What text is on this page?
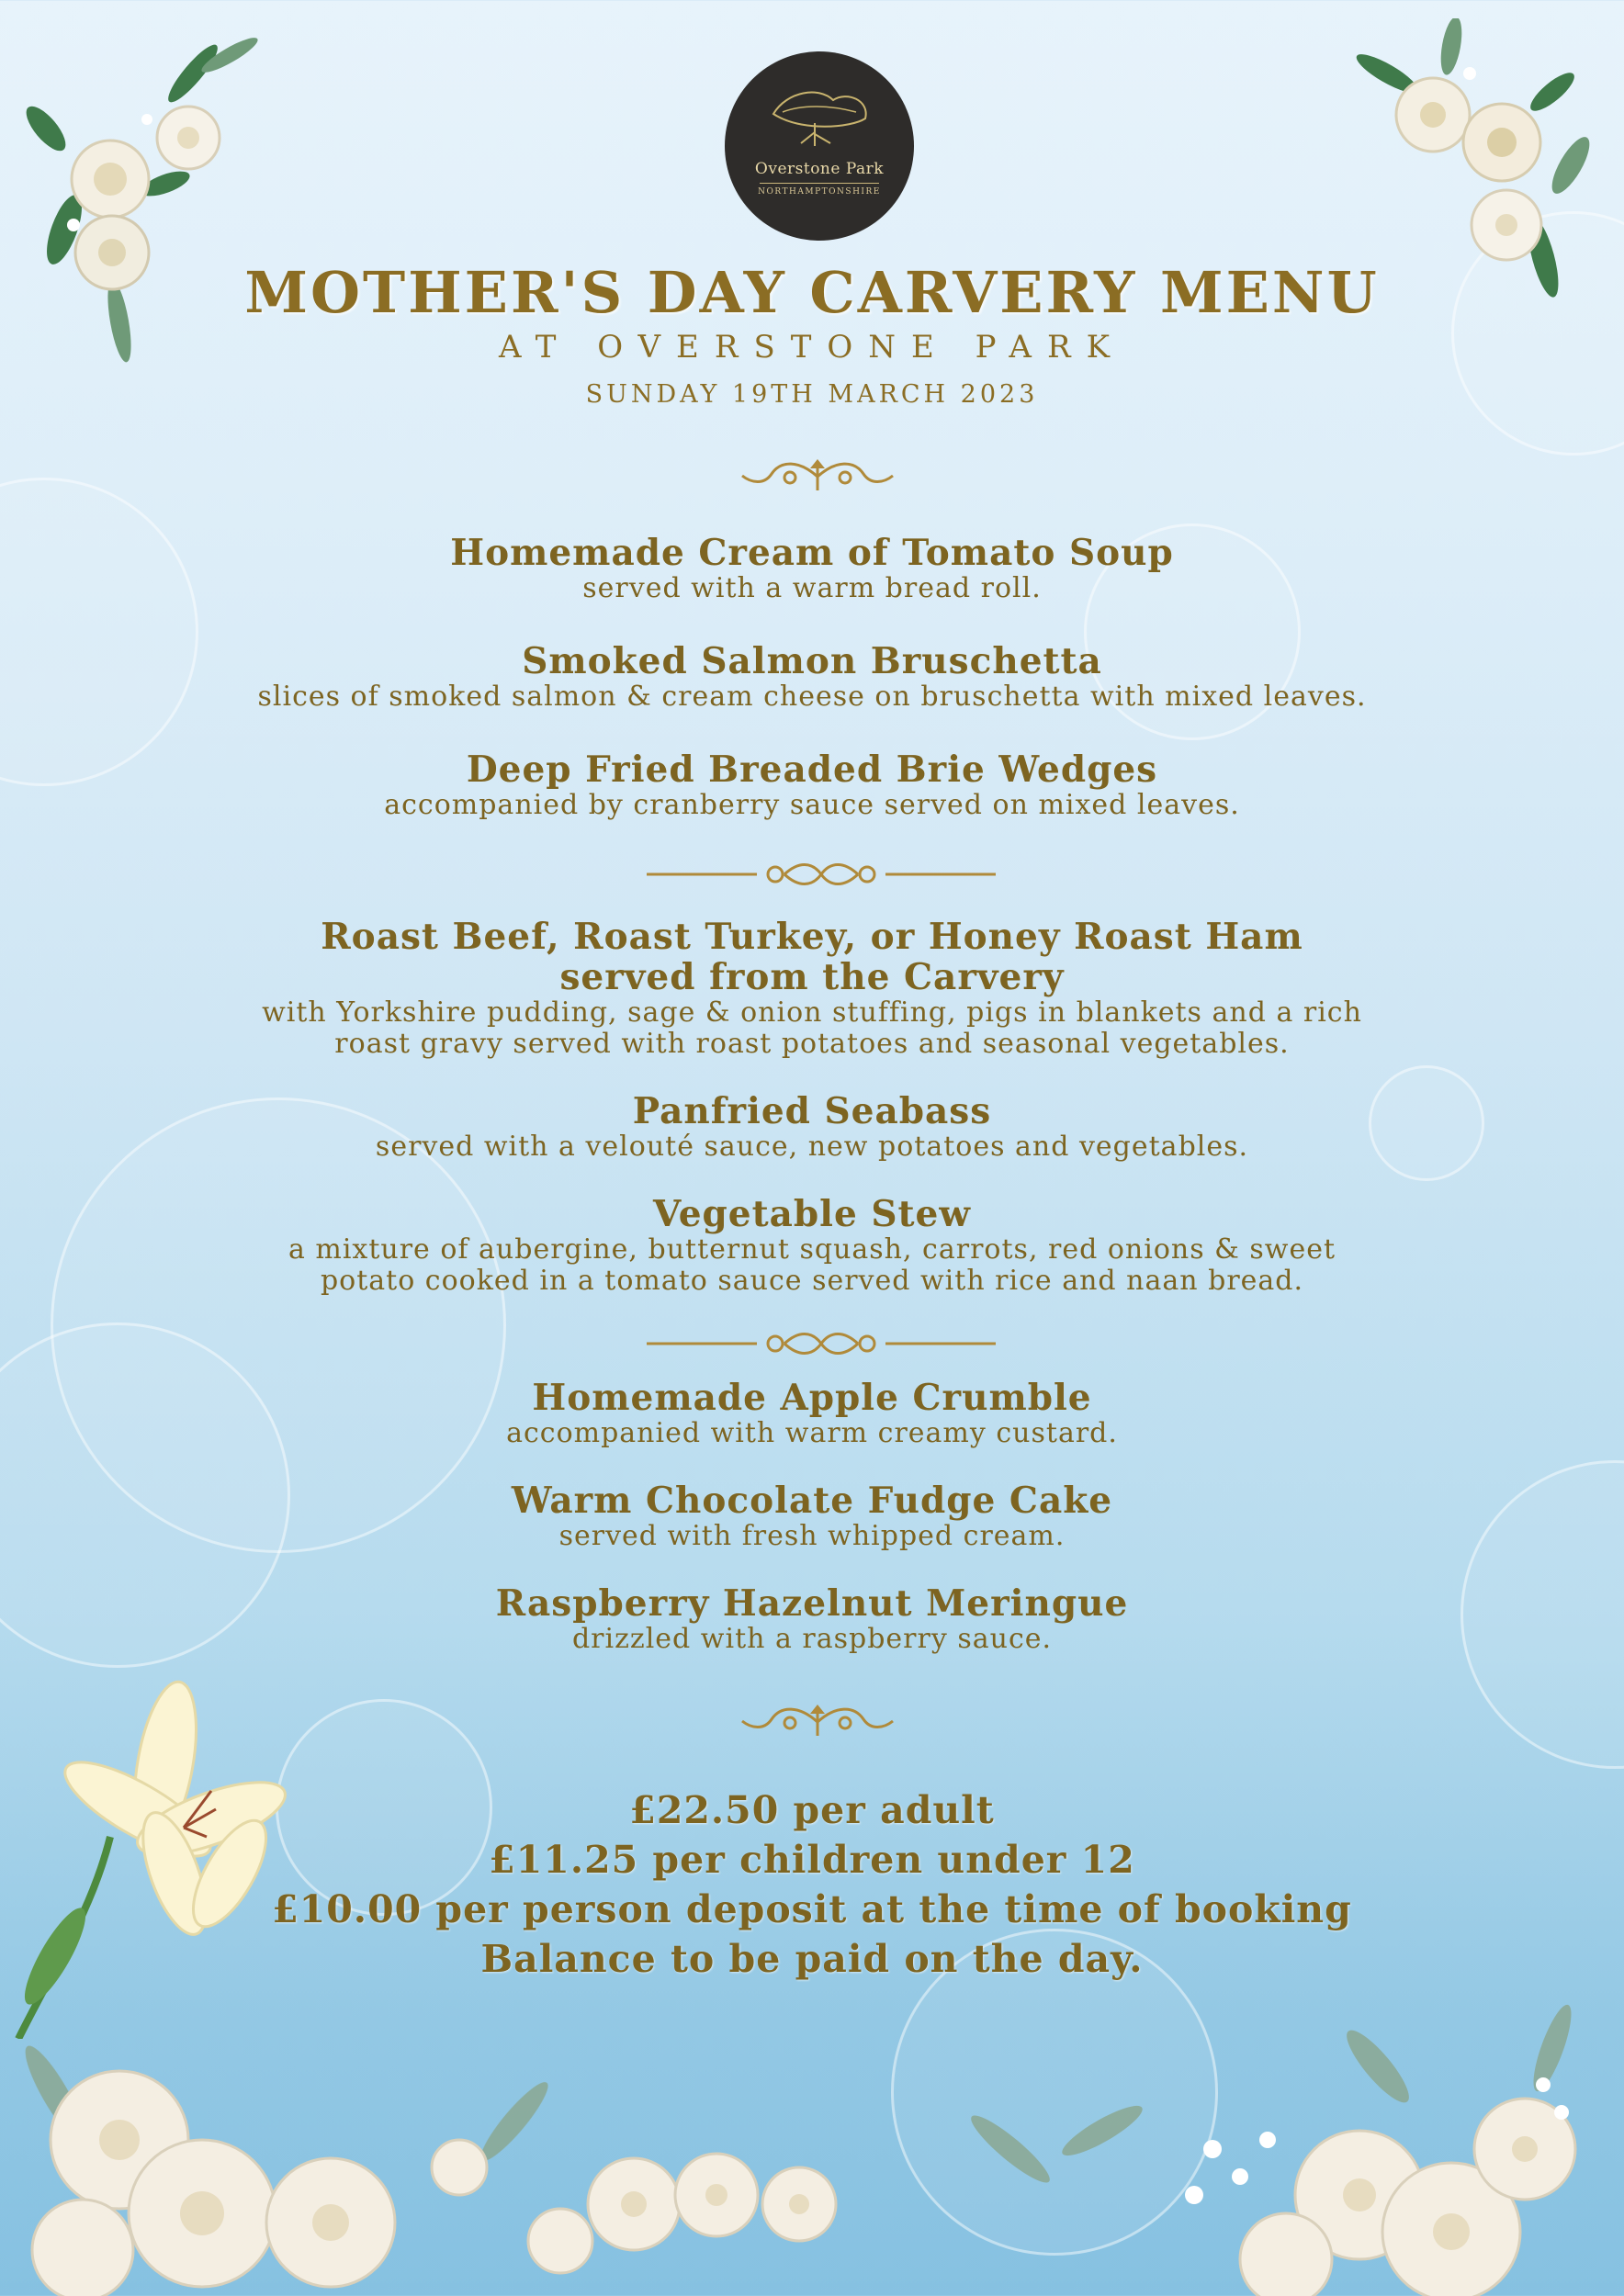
Overstone Park
NORTHAMPTONSHIRE
MOTHER'S DAY CARVERY MENU
AT OVERSTONE PARK
SUNDAY 19TH MARCH 2023
Homemade Cream of Tomato Soup
served with a warm bread roll.
Smoked Salmon Bruschetta
slices of smoked salmon & cream cheese on bruschetta with mixed leaves.
Deep Fried Breaded Brie Wedges
accompanied by cranberry sauce served on mixed leaves.
Roast Beef, Roast Turkey, or Honey Roast Ham
served from the Carvery
with Yorkshire pudding, sage & onion stuffing, pigs in blankets and a rich
roast gravy served with roast potatoes and seasonal vegetables.
Panfried Seabass
served with a velouté sauce, new potatoes and vegetables.
Vegetable Stew
a mixture of aubergine, butternut squash, carrots, red onions & sweet
potato cooked in a tomato sauce served with rice and naan bread.
Homemade Apple Crumble
accompanied with warm creamy custard.
Warm Chocolate Fudge Cake
served with fresh whipped cream.
Raspberry Hazelnut Meringue
drizzled with a raspberry sauce.
£22.50 per adult
£11.25 per children under 12
£10.00 per person deposit at the time of booking
Balance to be paid on the day.
